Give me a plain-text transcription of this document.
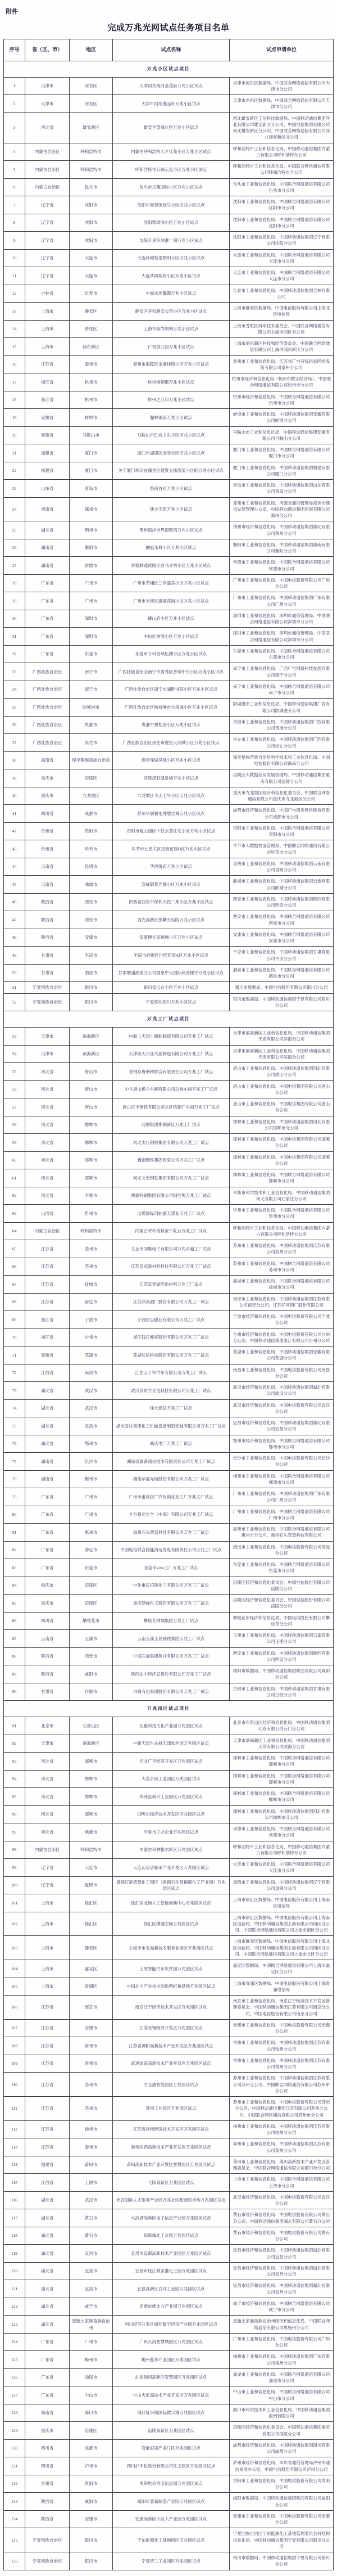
附件
完成万兆光网试点任务项目名单
序号	省（区、市）	地区	试点名称	试点申请单位
万兆小区试点项目				
1	天津市	河东区	天津河东海河金茂府万兆小区试点	天津市河东区数据局、中国联合网络通信有限公司天津市分公司
2	天津市	河东区	天津市河东逸品轩万兆小区试点	天津市河东区数据局、中国联合网络通信有限公司天津市分公司
3	河北省	雄安新区	雄安华望城片区万兆小区试点	河北雄安新区工信科技数据局、中国移动通信集团河北有限公司雄安新区分公司、中国电信集团有限公司河北雄安新区分公司、中国联合网络通信有限公司河北雄安新区分公司
4	内蒙古自治区	呼和浩特市	内蒙古呼和浩特人才佳苑小区万兆小区试点	呼和浩特市工业和信息化局、中国移动通信集团内蒙古有限公司呼和浩特分公司
5	内蒙古自治区	呼和浩特市	呼和浩特市万锦云玺小区万兆小区试点	呼和浩特市工业和信息化局、中国联合网络通信有限公司呼和浩特市分公司
6	内蒙古自治区	包头市	包头市正翔国际小区万兆小区试点	包头市工业和信息化局、中国联合网络通信有限公司包头市分公司
7	辽宁省	沈阳市	沈阳中海领馆壹号小区万兆小区试点	沈阳市工业和信息化局、中国联合网络通信有限公司沈阳市分公司
8	辽宁省	沈阳市	沈阳雅颂阁小区万兆小区试点	沈阳市工业和信息化局、中国联合网络通信有限公司沈阳市分公司
9	辽宁省	沈阳市	沈阳月星环球港一期万兆小区试点	沈阳市工业和信息化局、中国移动通信集团辽宁有限公司沈阳分公司
10	辽宁省	大连市	大连绿城桂语朝阳小区万兆小区试点	大连市工业和信息化局、中国联合网络通信有限公司大连市分公司
11	辽宁省	大连市	大连华润瑞府小区万兆小区试点	大连市工业和信息化局、中国联合网络通信有限公司大连市分公司
12	吉林省	长春市	中海水岸馨都万兆小区试点	长春市工业和信息化局、中国移动通信集团吉林有限公司
13	上海市	静安区	静安区圣和静安公馆小区万兆小区试点	上海市静安区数据局、中国电信股份有限公司上海北区电信局
14	上海市	普陀区	上海市高尚领域万兆小区试点	上海市普陀区科学技术委员会、中国联合网络通信有限公司上海市西区分公司
15	上海市	浦东新区	仁恒滨江园万兆小区试点	上海市浦东新区科技和经济委员会、中国联合网络通信有限公司上海市浦东新区分公司
16	江苏省	泰州市	泰州市海陵区金通桂园小区万兆小区试点	泰州市工业和信息化局、江苏省广电有线信息网络股份有限公司泰州分公司
17	浙江省	杭州市	杭州杨柳郡万兆小区试点	杭州市经济和信息化局（杭州市数字经济局）、中国联合网络通信有限公司杭州市分公司
18	浙江省	杭州市	杭州之江印万兆小区试点	杭州市经济和信息化局、中国联合网络通信有限公司杭州市分公司
19	安徽省	蚌埠市	瀚林银座万兆小区试点	蚌埠市工业和信息化局、中国移动通信集团安徽有限公司蚌埠分公司
20	安徽省	马鞍山市	马鞍山市汇成上东小区万兆小区试点	马鞍山市工业和信息化局、中国移动通信集团安徽有限公司马鞍山分公司
21	福建省	厦门市	厦门市湖里区金安社区万兆小区试点	厦门市工业和信息化局、中国联合网络通信有限公司厦门市分公司
22	福建省	厦门市	关于厦门移动在湖里区建发五缘湾玺小区的万兆小区试点	厦门市工业和信息化局、中国移动通信集团福建有限公司厦门分公司
23	山东省	青岛市	鲁商首府万兆小区试点	青岛市工业和信息化局、中国移动通信集团山东有限公司青岛分公司
24	河南省	郑州市	建业天筑万兆小区试点	郑州市工业和信息化局、河南省通信管理局郑州市通信发展管理办公室、中国移动通信集团河南有限公司郑州分公司
25	湖北省	荆州市	荆州海洋世界海墅湾万兆小区试点	荆州市经济和信息化局、中国移动通信集团湖北有限公司荆州分公司
26	湖南省	衡阳市	融冠乐城小区万兆小区试点	衡阳市工业和信息化局、中国移动通信集团湖南有限公司衡阳分公司
27	湖南省	常德市	常德联通武陵区白马青秀小区万兆小区试点	常德市工业和信息化局、中国联合网络通信有限公司常德市分公司
28	广东省	广州市	广州市黄埔区兰亭盛荟小区万兆小区试点	广州市工业和信息化局、中国电信股份有限公司广州分公司
29	广东省	广州市	广州市天河区猎德花园小区万兆小区试点	广州市工业和信息化局、中国移动通信集团广东有限公司广州分公司
30	广东省	深圳市	臻山府小区万兆小区试点	深圳市工业和信息化局、深圳市通信管理局、中国联合网络通信有限公司深圳市分公司
31	广东省	深圳市	中信红树湾小区万兆小区试点	深圳市工业和信息化局、深圳市通信管理局、中国联合网络通信有限公司深圳市分公司
32	广东省	东莞市	东莞市万科金域松湖小区万兆小区试点	东莞市工业和信息化局、中国联合网络通信有限公司东莞市分公司
33	广西壮族自治区	南宁市	广西壮族自治区南宁市青秀区香域中央小区万兆小区试点	南宁市工业和信息化局、广西广电网络科技发展有限公司南宁分公司
34	广西壮族自治区	南宁市	广西壮族自治区南宁市湖畔书院小区万兆小区试点	南宁市工业和信息化局、中国联合网络通信有限公司南宁市分公司
35	广西壮族自治区	防城港市	广西壮族自治区防城港市台湾城小区万兆小区试点	防城港市工业和信息化局、中国移动通信集团广西有限公司防城港分公司
36	广西壮族自治区	贵港市	贵港市碧桂园小区万兆小区试点	贵港市工业和信息化局、中国移动通信集团广西有限公司贵港分公司
37	广西壮族自治区	崇左市	广西壮族自治区崇左市悦恒天润城小区万兆小区试点	崇左市工业和信息化局、中国移动通信集团广西有限公司崇左分公司
38	海南省	保亭黎族苗族自治县	保亭保城凤凰小区万兆小区试点	保亭黎族苗族自治县科学技术和工业信息化局、中国电信股份有限公司海南分公司
39	重庆市	涪陵区	涪陵泽胜温泉城万兆小区试点	涪陵区大数据应用发展管理局、中国移动通信集团重庆有限公司涪陵分公司
40	重庆市	九龙坡区	九龙坡区半山七号小区万兆小区试点	重庆市九龙坡区经济和信息化委员会、中国联合网络通信有限公司重庆市九龙坡区分公司
41	四川省	成都市	彭州华润置地理想之城万兆小区试点	成都市经济和信息化局、中国广电四川网络股份有限公司成都市分公司
42	贵州省	贵阳市	贵阳市观山湖区中铁云著住宅小区万兆小区试点	贵阳市工业和信息化局、中国联合网络通信有限公司贵阳市分公司
43	贵州省	毕节市	毕节市七星关区招商花园D区万兆小区试点	毕节市大数据发展管理局、中国联合网络通信有限公司毕节市分公司
44	云南省	昆明市	华润悦府万兆小区试点	昆明市工业和信息化局、中国移动通信集团云南有限公司昆明分公司
45	云南省	曲靖市	宣威御景名都小区万兆小区试点	曲靖市工业和信息化局、中国移动通信集团云南有限公司曲靖分公司
46	陕西省	西安市	陕西省西安市保利天悦二期小区万兆小区试点	西安市工业和信息化局、中国移动通信集团陕西有限公司西安分公司
47	陕西省	西安市	西安高新区锦麟天钻院万兆小区试点	西安市工业和信息化局、中国联合网络通信有限公司西安市分公司
48	陕西省	安康市	安康博元幸福城小区万兆小区试点	安康市工业和信息化局、中国联合网络通信有限公司安康市分公司
49	甘肃省	平凉市	平凉市崆峒区世纪花园A区万兆小区试点	平凉市工业和信息化局、中国移动通信集团甘肃有限公司平凉分公司
50	甘肃省	酒泉市	甘肃联通酒泉分公司酒泉中天国际商务楼宇万兆小区试点	酒泉市工业和信息化局、中国联合网络通信有限公司酒泉市分公司
51	宁夏回族自治区	银川市	银川玺云台小区万兆小区试点	银川市数据局、中国电信股份有限公司银川分公司
52	宁夏回族自治区	银川市	宁夏移动银川万兆小区试点	银川市数据局、中国移动通信集团宁夏有限公司银川分公司
万兆工厂试点项目				
53	天津市	滨海新区	中船（天津）船舶制造有限公司万兆工厂试点	天津市滨海新区工业和信息化局、中国移动通信集团天津有限公司滨海分公司
54	天津市	滨海新区	天津航天长征火箭制造有限公司万兆工厂试点	天津市滨海新区工业和信息化局、中国移动通信集团天津有限公司滨海分公司
55	河北省	唐山市	首钢京唐钢铁联合有限责任公司万兆工厂试点	唐山市工业和信息化局、中国移动通信集团河北有限公司唐山分公司
56	河北省	唐山市	中车唐山机车车辆有限公司总装车间万兆工厂试点	唐山市工业和信息化局、中国电信集团有限公司唐山分公司
57	河北省	唐山市	唐山正丰钢铁有限公司北区炼钢厂车间万兆工厂试点	唐山市工业和信息化局、中国电信集团有限公司唐山分公司
58	河北省	邯郸市	河钢集团邯钢新区万兆工厂试点	邯郸市工业和信息化局、中国移动通信集团河北有限公司邯郸市分公司
59	河北省	邯郸市	河北太行钢铁集团有限公司万兆工厂试点	邯郸市工业和信息化局、中国电信集团有限公司邯郸分公司
60	河北省	邯郸市	冀南钢铁集团有限公司万兆工厂试点	邯郸市工业和信息化局、中国电信集团有限公司邯郸分公司
61	河北省	邯郸市	河北文安钢铁集团有限公司万兆工厂试点	邯郸市工业和信息化局、中国联合网络通信有限公司邯郸市分公司
62	河北省	辛集市	澳森特钢集团有限公司钢丝绳万兆工厂试点	辛集市科学技术和工业信息化局、中国移动通信集团河北有限公司石家庄分公司
63	山西省	忻州市	山煤国际河曲露天煤业万兆工厂试点	忻州市工业和信息化局、中国联合网络通信有限公司忻州市分公司
64	内蒙古自治区	呼和浩特市	内蒙古呼和浩特蒙牛乳业万兆工厂试点	呼和浩特市工业和信息化局、中国移动通信集团内蒙古有限公司呼和浩特分公司
65	江苏省	苏州市	太仓市同维电子有限公司万兆卓越工厂试点	苏州市工业和信息化局、中国移动通信集团江苏有限公司苏州分公司
66	江苏省	苏州市	江苏皇冠新材料科技有限公司万兆工厂试点	苏州市工业和信息化局、中国联合网络通信有限公司苏州市分公司
67	江苏省	盐城市	江苏京奕绿能新材料万兆工厂试点	盐城市工业和信息化局、中国联合网络通信有限公司盐城市分公司
68	江苏省	宿迁市	江苏洋河酒厂股份有限公司万兆工厂试点	宿迁市工业和信息化局、中国移动通信集团江苏有限公司宿迁分公司、江苏洋河酒厂股份有限公司
69	浙江省	宁波市	宁波招宝磁业有限公司万兆工厂试点	宁波市经济和信息化局、中国电信股份有限公司宁波分公司
70	浙江省	台州市	浙江钱江摩托股份有限公司万兆工厂试点	台州市经济和信息化局、中国电信股份有限公司台州分公司、中国移动通信集团浙江有限公司台州分公司
71	安徽省	芜湖市	芜湖长信科技股份有限公司万兆工厂试点	芜湖市工业和信息化局、中国移动通信集团安徽有限公司芜湖分公司
72	江西省	南昌市	江西五十铃汽车有限公司万兆工厂试点	南昌市工业和信息化局、中国电信股份有限公司南昌分公司
73	湖北省	武汉市	武汉京东方光电科技有限公司万兆工厂试点	武汉市经济和信息化局、中国移动通信集团湖北有限公司武汉分公司
74	湖北省	武汉市	烽火通信万兆工厂试点	武汉市经济和信息化局、中国电信股份有限公司武汉分公司
75	湖北省	宜昌市	湖北宜化集团化工机械设备制造安装有限公司万兆工厂试点	宜昌市经济和信息化局、中国移动通信集团湖北有限公司宜昌分公司
76	湖北省	鄂州市	葛店电厂万兆工厂试点	鄂州市经济和信息化局、中国联合网络通信有限公司鄂州市分公司
77	湖南省	长沙市	湖南省康普通信技术有限责任公司万兆工厂试点	长沙市工业和信息化局、中国电信股份有限公司长沙分公司
78	湖南省	郴州市	湘能华磊光电股份有限公司万兆工厂试点	郴州市工业和信息化局、中国联合网络通信有限公司郴州市分公司
79	广东省	广州市	广州市番禺区广汽传祺化龙工厂万兆工厂试点	广州市工业和信息化局、中国移动通信集团广东有限公司广州分公司
80	广东省	广州市	卡尔蔡司光学（中国）有限公司万兆工厂试点	广州市工业和信息化局、中国联合网络通信有限公司广州市分公司
81	广东省	惠州市	惠州石头智造科技有限公司万兆工厂试点	惠州市工业和信息化局、中国联合网络通信有限公司惠州市分公司、惠州石头智造科技有限公司
82	广东省	清远市	中国电信联合国能清远发电有限责任公司万兆工厂试点	清远市工业和信息化局、中国电信股份有限公司清远分公司
83	广东省	东莞市	东莞市vivo工厂万兆工厂试点	东莞市工业和信息化局、中国联合网络通信有限公司东莞市分公司
84	重庆市	涪陵区	中化重庆涪陵化工有限公司万兆工厂试点	涪陵区经济和信息化委员会、中国电信股份有限公司涪陵分公司
85	重庆市	涪陵区	重庆建峰化工股份有限公司万兆工厂试点	涪陵区经济和信息化委员会、中国电信股份有限公司涪陵分公司
86	四川省	攀枝花市	攀枝花钢城集团万兆工厂试点	攀枝花市经济和信息化局、中国电信股份有限公司攀枝花分公司
87	云南省	玉溪市	云南玉溪玉昆钢铁集团万兆工厂试点	玉溪市工业和信息化局、中国移动通信集团云南有限公司玉溪分公司
88	陕西省	西安市	中国石油集团测井有限公司万兆工厂试点	西安市工业和信息化局、中国移动通信集团陕西有限公司西安分公司
89	陕西省	咸阳市	陕西法士特沃克齿轮有限公司万兆工厂试点	咸阳市数据局、中国移动通信集团陕西有限公司咸阳分公司
90	甘肃省	白银市	白银有色集团股份有限公司万兆工厂试点	白银市工业和信息化局、中国移动通信集团甘肃有限公司白银分公司
万兆园区试点项目				
91	北京市	石景山区	北重科技文化产业园万兆园区试点	北京市石景山区经济和信息化局、中国移动通信集团北京有限公司石门分公司
92	天津市	滨海新区	中新天津生态城天津软件园万兆园区试点	天津市滨海新区工业和信息化局、中国移动通信集团天津有限公司滨海分公司
93	河北省	邯郸市	河北广平经济开发区万兆园区试点	邯郸市工业和信息化局、中国联合网络通信有限公司邯郸市分公司
94	河北省	邯郸市	大名京府工业园区万兆园区试点	邯郸市工业和信息化局、中国联合网络通信有限公司邯郸市分公司
95	河北省	邯郸市	鸡泽县新兴工业园区万兆园区试点	邯郸市工业和信息化局、中国联合网络通信有限公司邯郸市分公司
96	河北省	邯郸市	邯郸市经济技术开发区万兆园区试点	邯郸市工业和信息化局、中国移动通信集团河北有限公司邯郸市分公司
97	河北省	承德市	平泉市工业企业万兆园区试点	承德市工业和信息化局、中国联合网络通信有限公司承德市分公司
98	内蒙古自治区	呼和浩特市	内蒙古和林格尔新区万兆园区试点	呼和浩特市工业和信息化局、中国移动通信集团内蒙古有限公司呼和浩特分公司
99	辽宁省	大连市	大连瓦房店轴承产业开发区万兆园区试点	大连市工业和信息化局、中国联合网络通信有限公司大连市分公司
100	辽宁省	盘锦市	盘锦辽滨智慧化工园区（盘锦石化及精细化工产业园）万兆园区试点	盘锦市工业和信息化局、中国移动通信集团辽宁有限公司盘锦分公司
101	上海市	徐汇区	徐汇区北杨人工智能创新中心万兆园区试点	上海市徐汇区数据局、中国电信股份有限公司上海南区电信局
102	上海市	徐汇区	徐汇区模速空间万兆园区试点	上海市徐汇区数据局、中国电信股份有限公司上海南区电信局、中国移动通信集团上海有限公司南区分公司、中国联合网络通信有限公司上海市南区分公司
103	上海市	静安区	上海市市北高新技术服务业园区万兆园区试点	上海市静安区数据局、中国电信股份有限公司上海北区电信局、中国移动通信集团上海有限公司西区分公司、中国联合网络通信有限公司上海市北区分公司
104	上海市	嘉定区	上海智能汽车软件园万兆园区试点	嘉定区数据局、中国联合网络通信有限公司上海市嘉定区分公司
105	上海市	青浦区	中国北斗产业技术创新西虹桥基地万兆园区试点	上海市青浦区数据局、中国电信股份有限公司上海青浦电信局
106	江苏省	南京市	南京江宁经济技术开发区万兆园区试点	南京市工业和信息化局、南京江宁经济技术开发区管理委员会、中国移动通信集团江苏有限公司南京分公司、中国电信股份有限公司南京分公司
107	江苏省	无锡市	江苏无锡经济开发区万兆园区试点	无锡市工业和信息化局、中国电信股份有限公司无锡分公司
108	江苏省	常州市	江苏省溧阳高新技术产业开发区万兆园区试点	常州市工业和信息化局、中国移动通信集团江苏有限公司常州分公司
109	江苏省	常州市	武进国家高新技术产业开发区万兆园区试点	常州市工业和信息化局、中国移动通信集团江苏有限公司常州分公司
110	江苏省	苏州市	太仓港智能园区万兆园区试点	苏州市工业和信息化局、中国移动通信集团江苏有限公司苏州分公司、中国联合网络通信有限公司苏州市分公司
111	江苏省	苏州市	苏州工业园区万兆园区试点	苏州市工业和信息化局、中国电信股份有限公司苏州分公司、中国移动通信集团江苏有限公司苏州分公司、中国联合网络通信有限公司苏州市分公司
112	江苏省	扬州市	江苏省扬州经济技术开发区万兆园区试点	扬州市工业和信息化局、中国移动通信集团江苏有限公司扬州分公司
113	江苏省	泰州市	泰州医药高新技术产业开发区万兆园区试点	泰州市工业和信息化局、中国移动通信集团江苏有限公司泰州分公司
114	福建省	莆田市	莆田高新技术产业开发区智慧园区万兆园区试点	莆田市工业和信息化局、莆田高新技术产业开发区管理委员会、中国联合网络通信有限公司莆田市分公司
115	江西省	上饶市	弋阳高新区万兆园区试点	上饶市工业和信息化局、中国联合网络通信有限公司上饶市分公司
116	湖北省	武汉市	光谷国际人才服务产业园万兆社区配套综合体万兆园区试点	武汉市经济和信息化局、中国电信股份有限公司武汉分公司
117	湖北省	黄石市	大冶湖高新区电子信息产业园万兆园区试点	黄石市经济和信息化局、中国电信股份有限公司黄石分公司、中国移动通信集团湖北有限公司黄石分公司
118	湖北省	黄石市	阳新城北工业园万兆园区试点	黄石市经济和信息化局、中国电信股份有限公司黄石分公司
119	湖北省	宜昌市	宜昌市宜都高新技术产业园区万兆园区试点	宜昌市经济和信息化局、中国移动通信集团湖北有限公司宜昌分公司
120	湖北省	宜昌市	宜昌市枝江姚家港化工园万兆园区试点	宜昌市经济和信息化局、中国移动通信集团湖北有限公司宜昌分公司
121	湖北省	宜昌市	宜昌高新区白洋工业园万兆园区试点	宜昌市经济和信息化局、中国移动通信集团湖北有限公司宜昌分公司
122	湖北省	咸宁市	赤壁市维达力产业园万兆园区试点	咸宁市经济和信息化局、中国联合网络通信有限公司咸宁市分公司
123	湖北省	恩施土家族苗族自治州	利川经济开发区循环数字经济产业园万兆园区试点	恩施土家族苗族自治州经济和信息化局、中国联合网络通信有限公司恩施州分公司
124	广东省	广州市	广州天河智慧城园区万兆园区试点	广州市工业和信息化局、中国电信股份有限公司广州分公司
125	广东省	梅州市	梅州蕉华产业园区万兆园区试点	梅州市工业和信息化局、中国移动通信集团广东有限公司梅州分公司
126	广东省	汕尾市	汕尾陆河高新区智慧园区万兆园区试点	汕尾市工业和信息化局、中国联合网络通信有限公司汕尾市分公司
127	广东省	中山市	中山火炬高技术产业开发区万兆园区试点	中山市工业和信息化局、中国联合网络通信有限公司中山市分公司
128	海南省	海口市	海口复兴城国际数字港万兆园区试点	海口市科学技术和工业信息化局、中国移动通信集团海南有限公司
129	重庆市	涪陵区	涪陵高新区万兆园区试点	涪陵区经济和信息化委员会、中国移动通信集团重庆有限公司涪陵分公司
130	四川省	成都市	智能家居产业片区万兆园区试点	成都市经济和信息化局、中国移动通信集团四川有限公司成都分公司
131	四川省	泸州市	四川泸天化股份有限公司化工园区万兆园区试点	泸州市经济和信息化局、四川省通信管理局泸州市通信发展办公室、中国电信股份有限公司泸州分公司
132	贵州省	贵阳市	贵阳电信贵安信息园万兆园区试点	贵阳市工业和信息化局、中国电信股份有限公司贵阳分公司
133	陕西省	咸阳市	咸阳市装备制造产业园万兆园区试点	咸阳市数据局、中国移动通信集团陕西有限公司咸阳分公司
134	陕西省	安康市	安康高新区小巨人产业园万兆园区试点	安康市工业和信息化局、中国电信股份有限公司安康分公司
135	宁夏回族自治区	银川市	宁东能源化工基地园区万兆园区试点	宁夏回族自治区宁东能源化工基地管理委员会科技和信息化局、中国移动通信集团宁夏有限公司银川分公司
136	宁夏回族自治区	银川市	宁夏贺兰工业园区万兆园区试点	银川市数据局、中国移动通信集团宁夏有限公司银川分公司
